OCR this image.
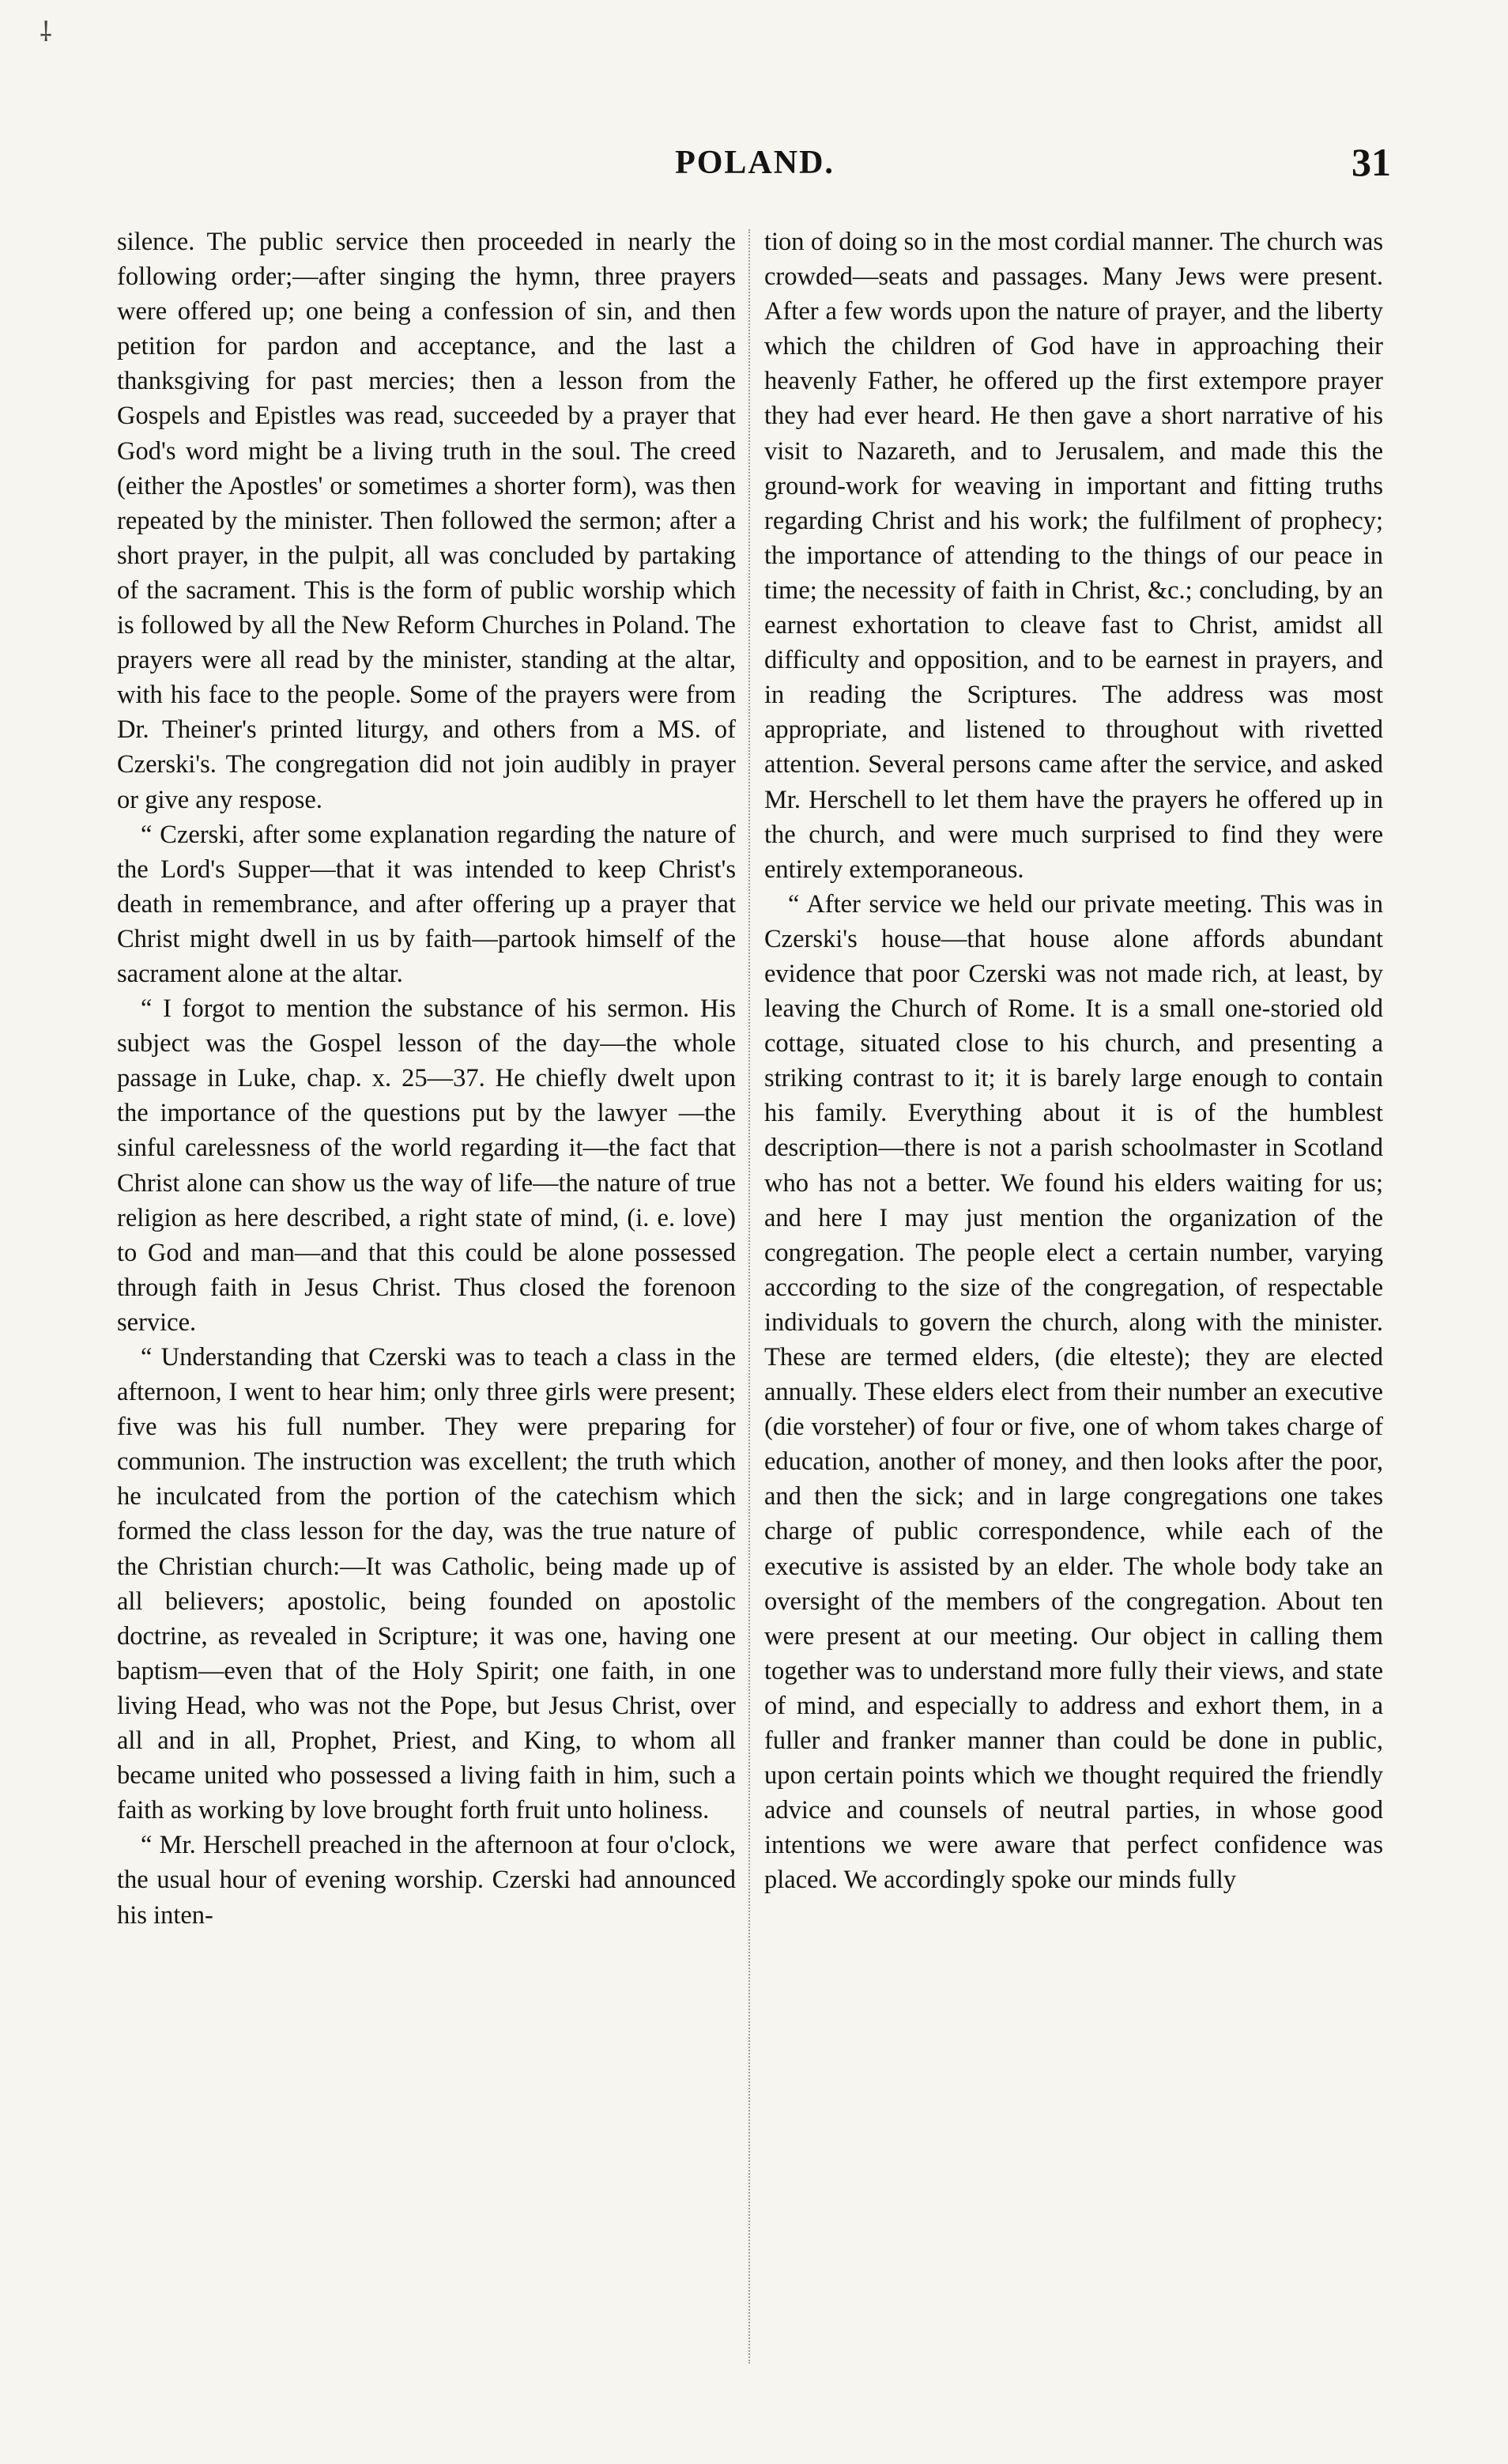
⸸
POLAND.	31

silence. The public service then proceeded in nearly the following order;—after singing the hymn, three prayers were offered up; one being a confession of sin, and then petition for pardon and acceptance, and the last a thanksgiving for past mercies; then a lesson from the Gospels and Epistles was read, succeeded by a prayer that God's word might be a living truth in the soul. The creed (either the Apostles' or sometimes a shorter form), was then repeated by the minister. Then followed the sermon; after a short prayer, in the pulpit, all was concluded by partaking of the sacrament. This is the form of public worship which is followed by all the New Reform Churches in Poland. The prayers were all read by the minister, standing at the altar, with his face to the people. Some of the prayers were from Dr. Theiner's printed liturgy, and others from a MS. of Czerski's. The congregation did not join audibly in prayer or give any respose.

“ Czerski, after some explanation regarding the nature of the Lord's Supper—that it was intended to keep Christ's death in remembrance, and after offering up a prayer that Christ might dwell in us by faith—partook himself of the sacrament alone at the altar.

“ I forgot to mention the substance of his sermon. His subject was the Gospel lesson of the day—the whole passage in Luke, chap. x. 25—37. He chiefly dwelt upon the importance of the questions put by the lawyer —the sinful carelessness of the world regarding it—the fact that Christ alone can show us the way of life—the nature of true religion as here described, a right state of mind, (i. e. love) to God and man—and that this could be alone possessed through faith in Jesus Christ. Thus closed the forenoon service.

“ Understanding that Czerski was to teach a class in the afternoon, I went to hear him; only three girls were present; five was his full number. They were preparing for communion. The instruction was excellent; the truth which he inculcated from the portion of the catechism which formed the class lesson for the day, was the true nature of the Christian church:—It was Catholic, being made up of all believers; apostolic, being founded on apostolic doctrine, as revealed in Scripture; it was one, having one baptism—even that of the Holy Spirit; one faith, in one living Head, who was not the Pope, but Jesus Christ, over all and in all, Prophet, Priest, and King, to whom all became united who possessed a living faith in him, such a faith as working by love brought forth fruit unto holiness.

“ Mr. Herschell preached in the afternoon at four o'clock, the usual hour of evening worship. Czerski had announced his inten-

tion of doing so in the most cordial manner. The church was crowded—seats and passages. Many Jews were present. After a few words upon the nature of prayer, and the liberty which the children of God have in approaching their heavenly Father, he offered up the first extempore prayer they had ever heard. He then gave a short narrative of his visit to Nazareth, and to Jerusalem, and made this the ground-work for weaving in important and fitting truths regarding Christ and his work; the fulfilment of prophecy; the importance of attending to the things of our peace in time; the necessity of faith in Christ, &c.; concluding, by an earnest exhortation to cleave fast to Christ, amidst all difficulty and opposition, and to be earnest in prayers, and in reading the Scriptures. The address was most appropriate, and listened to throughout with rivetted attention. Several persons came after the service, and asked Mr. Herschell to let them have the prayers he offered up in the church, and were much surprised to find they were entirely extemporaneous.

“ After service we held our private meeting. This was in Czerski's house—that house alone affords abundant evidence that poor Czerski was not made rich, at least, by leaving the Church of Rome. It is a small one-storied old cottage, situated close to his church, and presenting a striking contrast to it; it is barely large enough to contain his family. Everything about it is of the humblest description—there is not a parish schoolmaster in Scotland who has not a better. We found his elders waiting for us; and here I may just mention the organization of the congregation. The people elect a certain number, varying acccording to the size of the congregation, of respectable individuals to govern the church, along with the minister. These are termed elders, (die elteste); they are elected annually. These elders elect from their number an executive (die vorsteher) of four or five, one of whom takes charge of education, another of money, and then looks after the poor, and then the sick; and in large congregations one takes charge of public correspondence, while each of the executive is assisted by an elder. The whole body take an oversight of the members of the congregation. About ten were present at our meeting. Our object in calling them together was to understand more fully their views, and state of mind, and especially to address and exhort them, in a fuller and franker manner than could be done in public, upon certain points which we thought required the friendly advice and counsels of neutral parties, in whose good intentions we were aware that perfect confidence was placed. We accordingly spoke our minds fully
